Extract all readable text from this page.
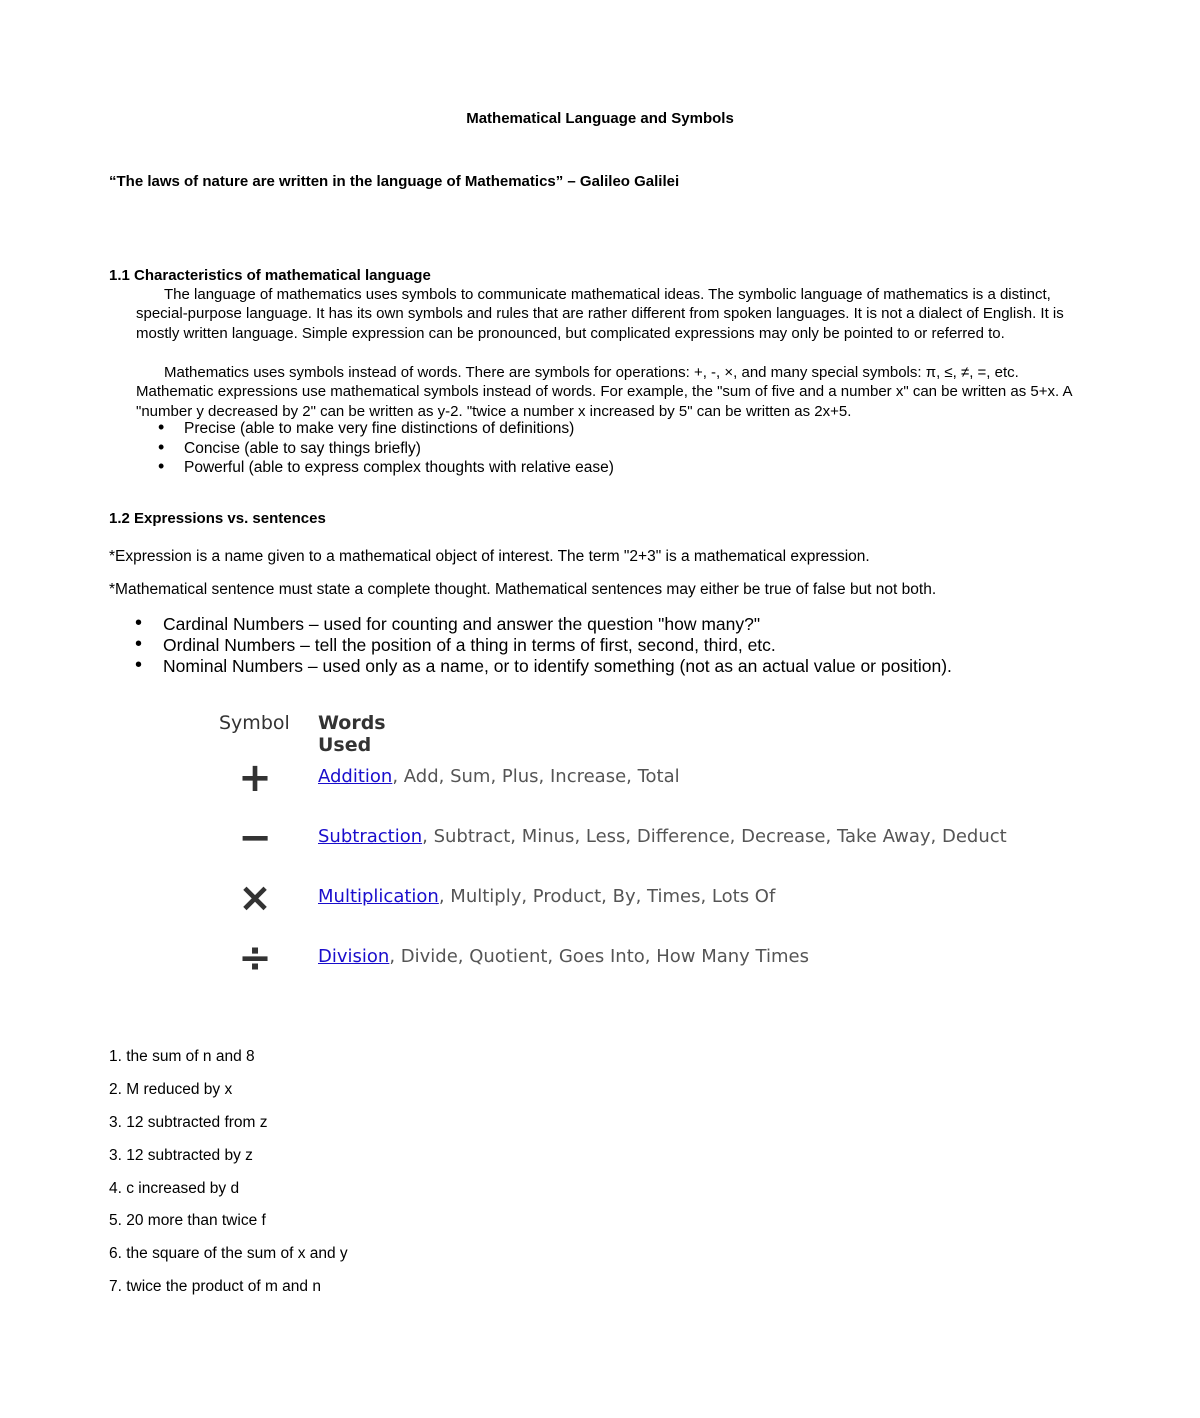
Mathematical Language and Symbols
“The laws of nature are written in the language of Mathematics” – Galileo Galilei
1.1 Characteristics of mathematical language
The language of mathematics uses symbols to communicate mathematical ideas. The symbolic language of mathematics is a distinct, special-purpose language. It has its own symbols and rules that are rather different from spoken languages. It is not a dialect of English. It is mostly written language. Simple expression can be pronounced, but complicated expressions may only be pointed to or referred to.
Mathematics uses symbols instead of words. There are symbols for operations: +, -, ×, and many special symbols: π, ≤, ≠, =, etc. Mathematic expressions use mathematical symbols instead of words. For example, the "sum of five and a number x" can be written as 5+x. A "number y decreased by 2" can be written as y-2. "twice a number x increased by 5" can be written as 2x+5.
• Precise (able to make very fine distinctions of definitions)
• Concise (able to say things briefly)
• Powerful (able to express complex thoughts with relative ease)
1.2 Expressions vs. sentences
*Expression is a name given to a mathematical object of interest. The term "2+3" is a mathematical expression.
*Mathematical sentence must state a complete thought. Mathematical sentences may either be true of false but not both.
• Cardinal Numbers – used for counting and answer the question "how many?"
• Ordinal Numbers – tell the position of a thing in terms of first, second, third, etc.
• Nominal Numbers – used only as a name, or to identify something (not as an actual value or position).
Symbol Words Used
+	Addition, Add, Sum, Plus, Increase, Total
−	Subtraction, Subtract, Minus, Less, Difference, Decrease, Take Away, Deduct
×	Multiplication, Multiply, Product, By, Times, Lots Of
÷	Division, Divide, Quotient, Goes Into, How Many Times
1. the sum of n and 8
2. M reduced by x
3. 12 subtracted from z
3. 12 subtracted by z
4. c increased by d
5. 20 more than twice f
6. the square of the sum of x and y
7. twice the product of m and n
